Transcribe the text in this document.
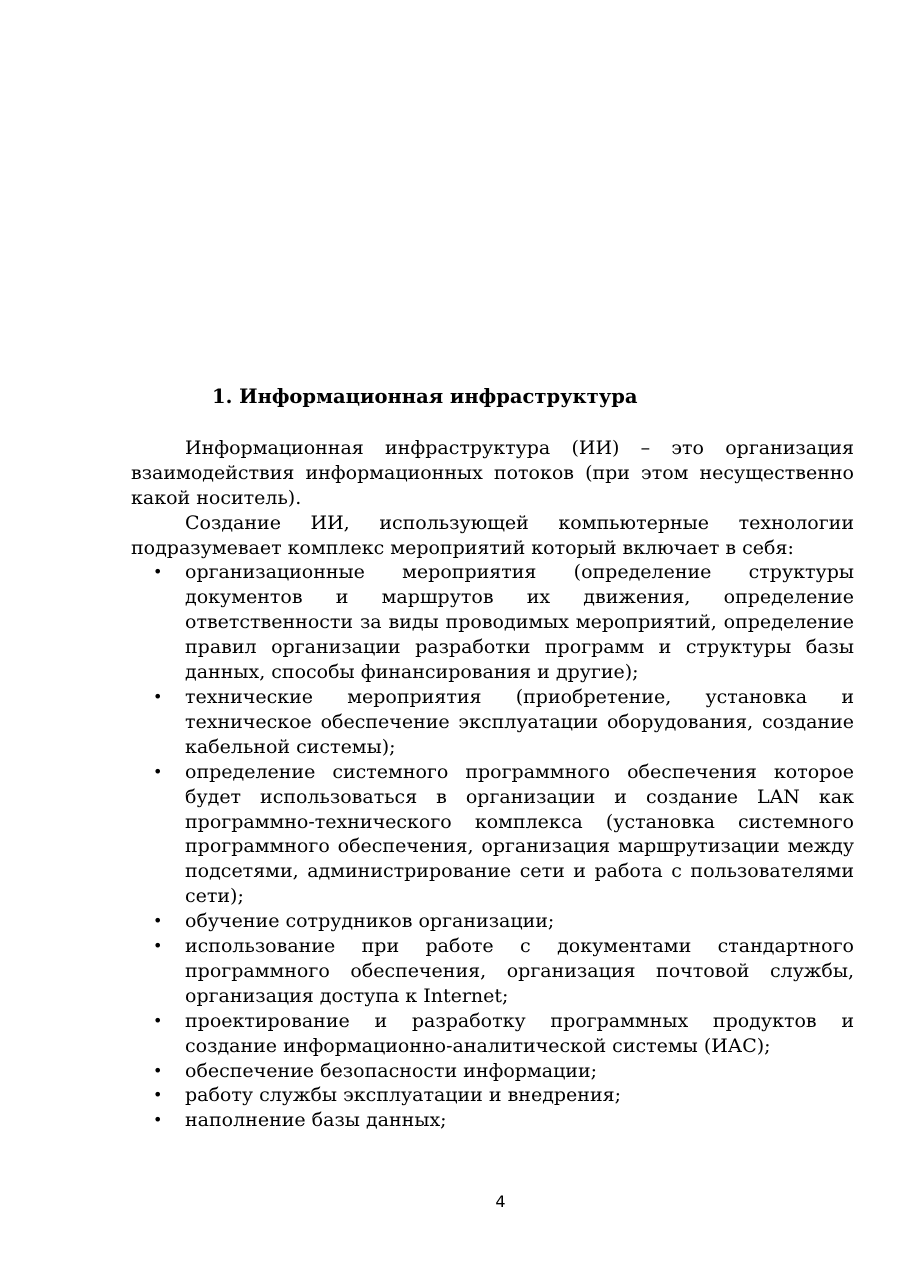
1. Информационная инфраструктура

Информационная инфраструктура (ИИ) – это организация взаимодействия информационных потоков (при этом несущественно какой носитель).

Создание ИИ, использующей компьютерные технологии подразумевает комплекс мероприятий который включает в себя:

• организационные мероприятия (определение структуры документов и маршрутов их движения, определение ответственности за виды проводимых мероприятий, определение правил организации разработки программ и структуры базы данных, способы финансирования и другие);
• технические мероприятия (приобретение, установка и техническое обеспечение эксплуатации оборудования, создание кабельной системы);
• определение системного программного обеспечения которое будет использоваться в организации и создание LAN как программно-технического комплекса (установка системного программного обеспечения, организация маршрутизации между подсетями, администрирование сети и работа с пользователями сети);
• обучение сотрудников организации;
• использование при работе с документами стандартного программного обеспечения, организация почтовой службы, организация доступа к Internet;
• проектирование и разработку программных продуктов и создание информационно-аналитической системы (ИАС);
• обеспечение безопасности информации;
• работу службы эксплуатации и внедрения;
• наполнение базы данных;
4
